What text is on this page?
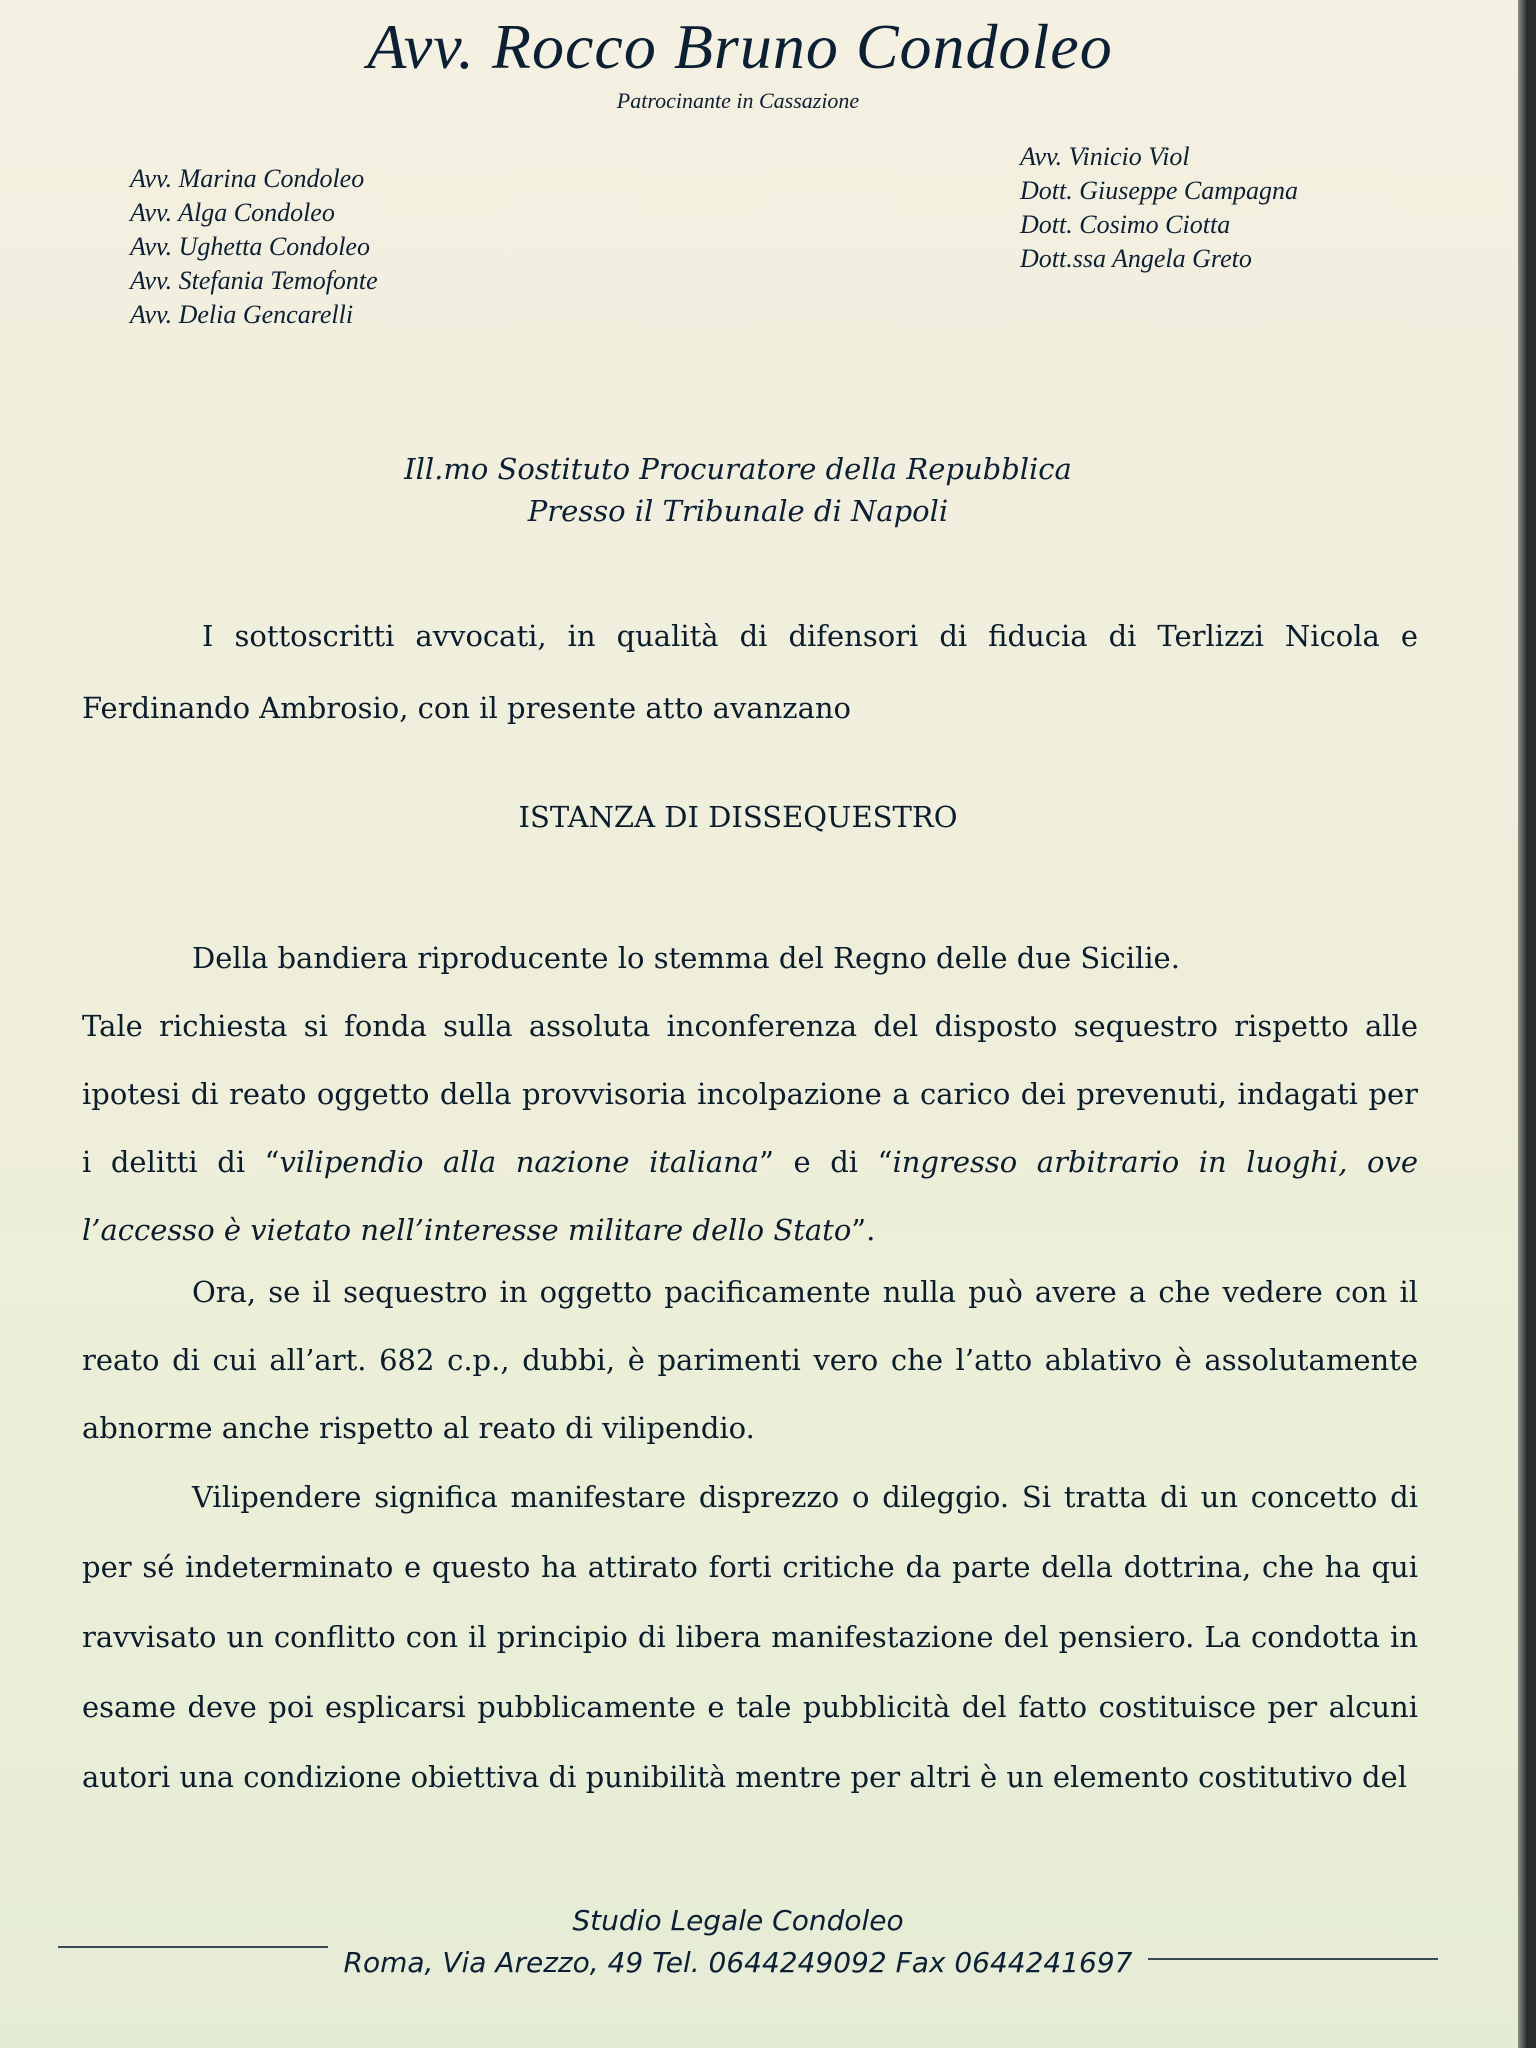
Avv. Rocco Bruno Condoleo
Patrocinante in Cassazione
Avv. Marina Condoleo
Avv. Alga Condoleo
Avv. Ughetta Condoleo
Avv. Stefania Temofonte
Avv. Delia Gencarelli
Avv. Vinicio Viol
Dott. Giuseppe Campagna
Dott. Cosimo Ciotta
Dott.ssa Angela Greto
Ill.mo Sostituto Procuratore della Repubblica
Presso il Tribunale di Napoli

I sottoscritti avvocati, in qualità di difensori di fiducia di Terlizzi Nicola e Ferdinando Ambrosio, con il presente atto avanzano

ISTANZA DI DISSEQUESTRO

Della bandiera riproducente lo stemma del Regno delle due Sicilie.
Tale richiesta si fonda sulla assoluta inconferenza del disposto sequestro rispetto alle ipotesi di reato oggetto della provvisoria incolpazione a carico dei prevenuti, indagati per i delitti di “vilipendio alla nazione italiana” e di “ingresso arbitrario in luoghi, ove l’accesso è vietato nell’interesse militare dello Stato”.

Ora, se il sequestro in oggetto pacificamente nulla può avere a che vedere con il reato di cui all’art. 682 c.p., dubbi, è parimenti vero che l’atto ablativo è assolutamente abnorme anche rispetto al reato di vilipendio.

Vilipendere significa manifestare disprezzo o dileggio. Si tratta di un concetto di per sé indeterminato e questo ha attirato forti critiche da parte della dottrina, che ha qui ravvisato un conflitto con il principio di libera manifestazione del pensiero. La condotta in esame deve poi esplicarsi pubblicamente e tale pubblicità del fatto costituisce per alcuni autori una condizione obiettiva di punibilità mentre per altri è un elemento costitutivo del

Studio Legale Condoleo
Roma, Via Arezzo, 49 Tel. 0644249092 Fax 0644241697
